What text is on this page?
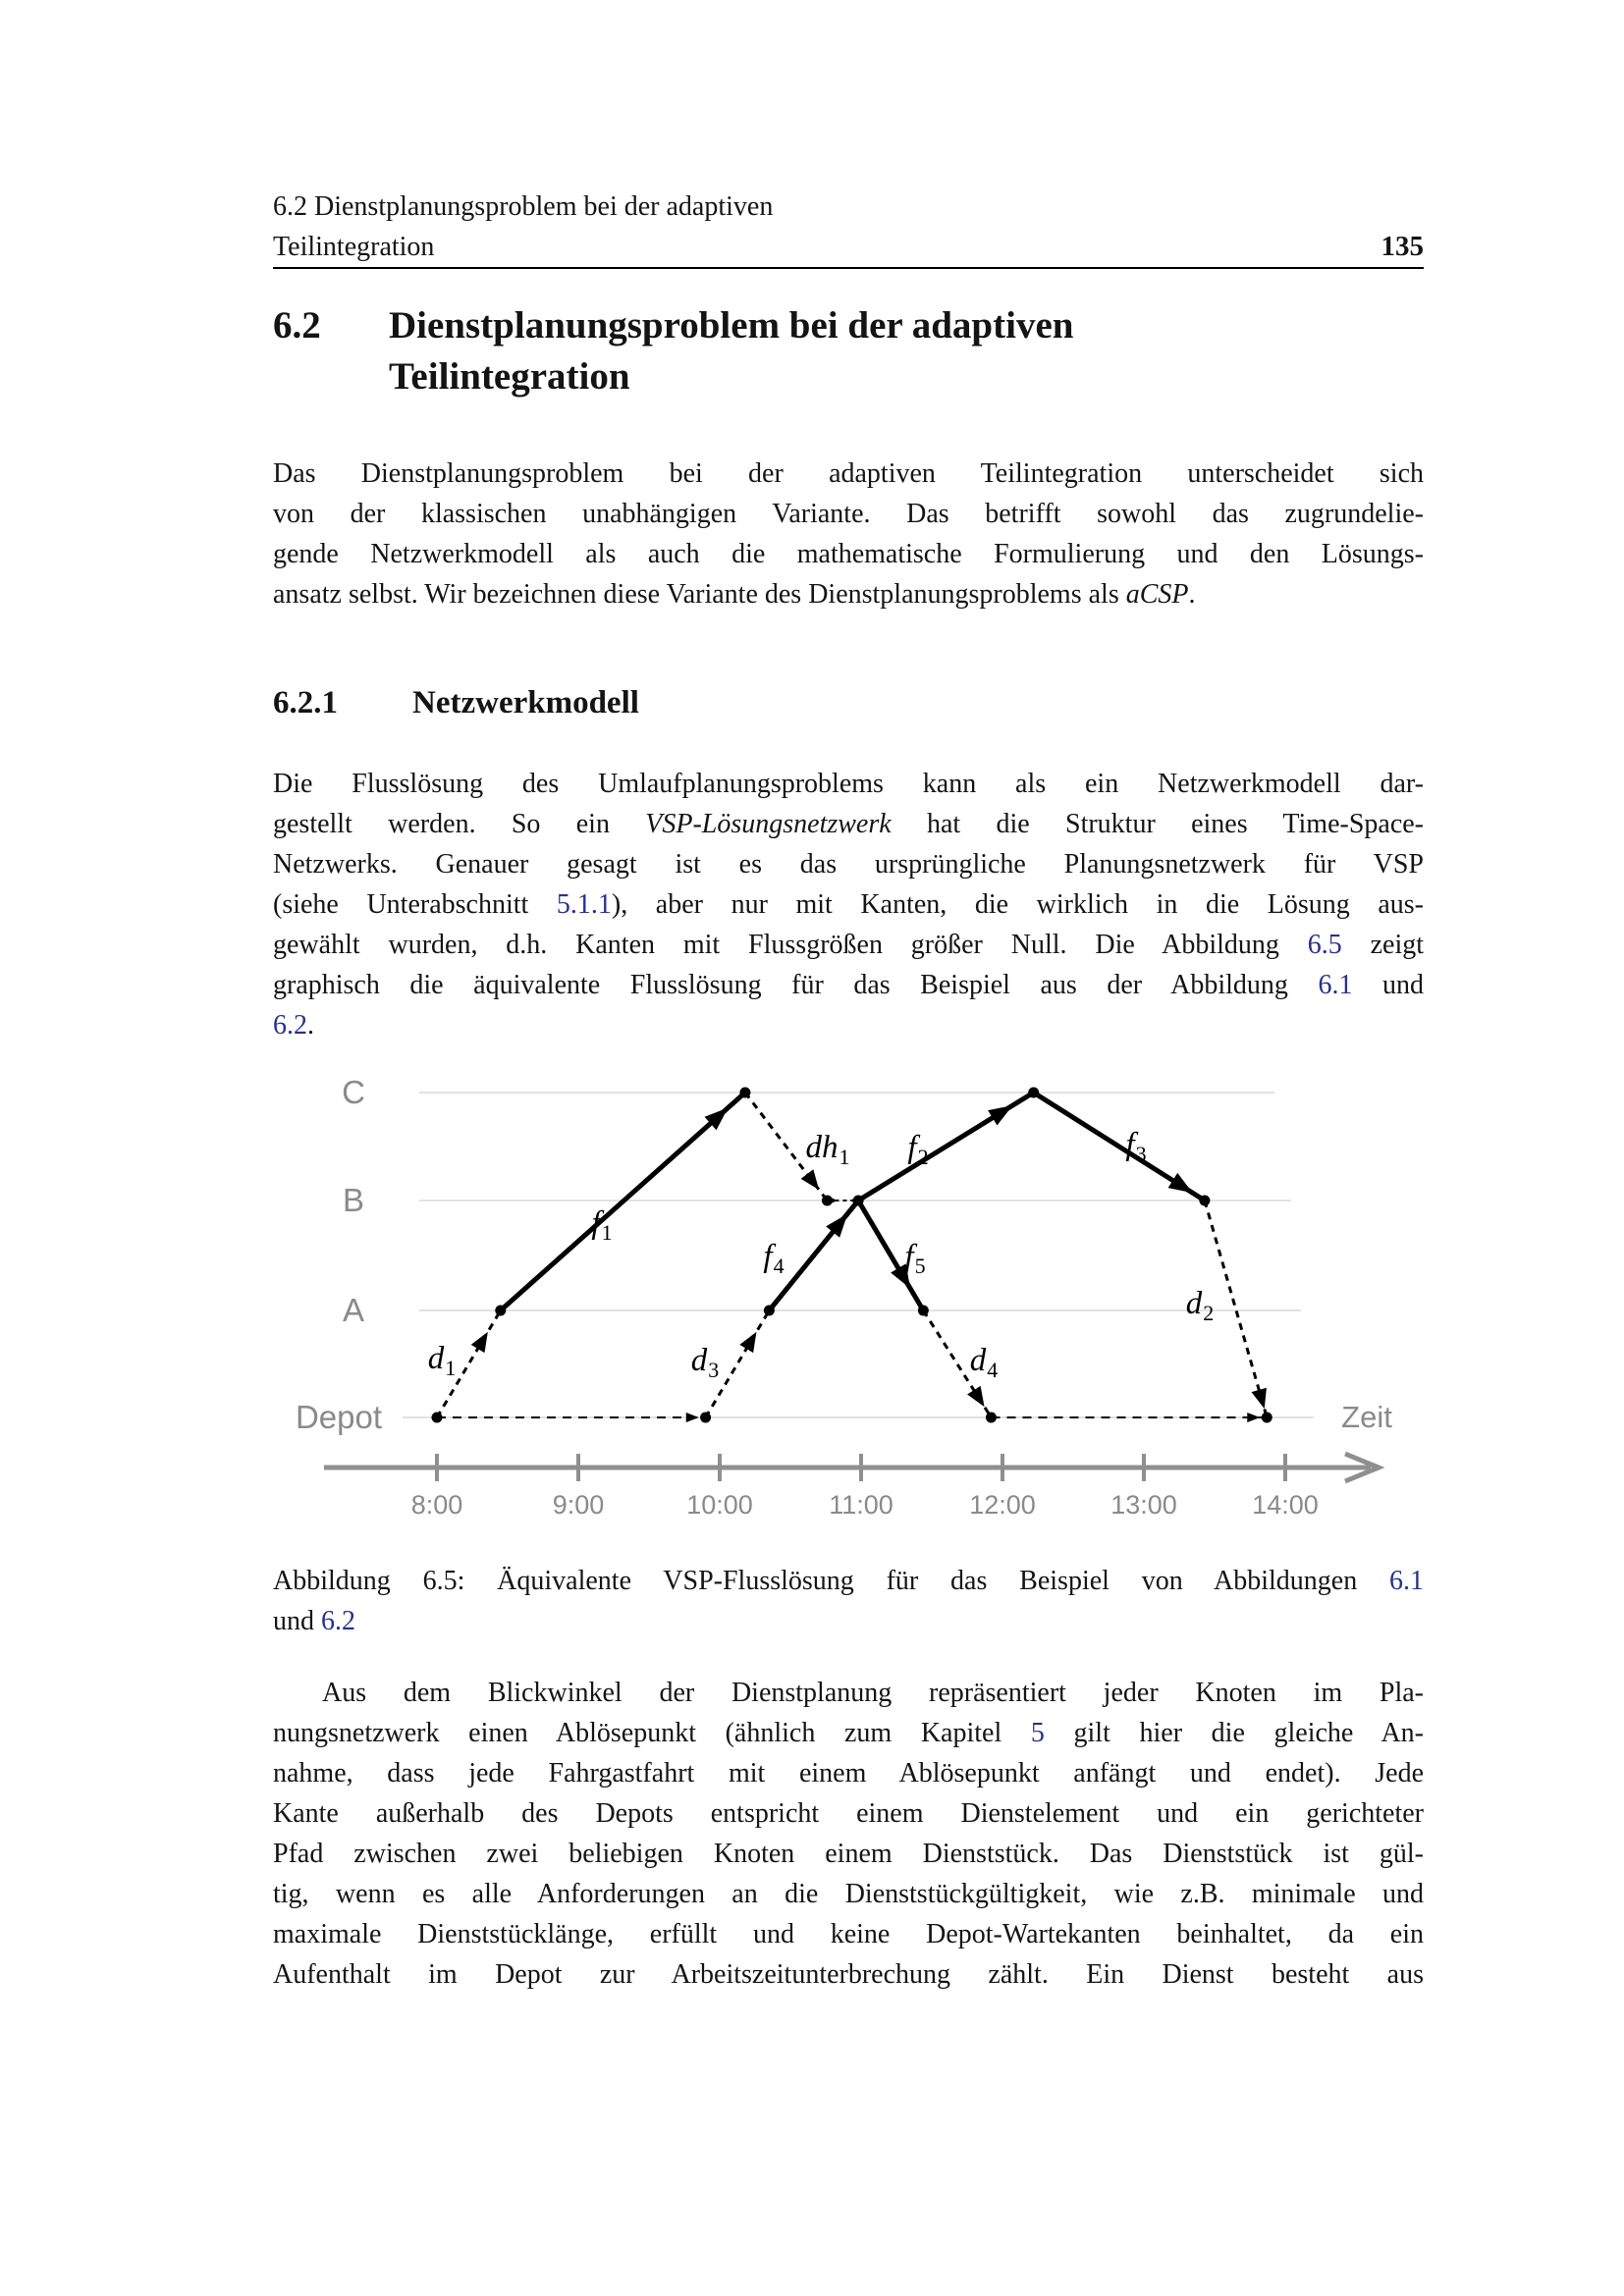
6.2 Dienstplanungsproblem bei der adaptiven
Teilintegration	135
6.2 Dienstplanungsproblem bei der adaptiven
Teilintegration
Das Dienstplanungsproblem bei der adaptiven Teilintegration unterscheidet sich
von der klassischen unabhängigen Variante. Das betrifft sowohl das zugrundelie-
gende Netzwerkmodell als auch die mathematische Formulierung und den Lösungs-
ansatz selbst. Wir bezeichnen diese Variante des Dienstplanungsproblems als aCSP.
6.2.1 Netzwerkmodell
Die Flusslösung des Umlaufplanungsproblems kann als ein Netzwerkmodell dar-
gestellt werden. So ein VSP-Lösungsnetzwerk hat die Struktur eines Time-Space-
Netzwerks. Genauer gesagt ist es das ursprüngliche Planungsnetzwerk für VSP
(siehe Unterabschnitt 5.1.1), aber nur mit Kanten, die wirklich in die Lösung aus-
gewählt wurden, d.h. Kanten mit Flussgrößen größer Null. Die Abbildung 6.5 zeigt
graphisch die äquivalente Flusslösung für das Beispiel aus der Abbildung 6.1 und
6.2.
C
B
A
Depot
8:00	9:00	10:00	11:00	12:00	13:00	14:00
Zeit
$d_1$
$f_1$
$dh_1$
$d_3$
$f_4$
$f_2$
$f_5$
$f_3$
$d_4$
$d_2$
Abbildung 6.5: Äquivalente VSP-Flusslösung für das Beispiel von Abbildungen 6.1
und 6.2
Aus dem Blickwinkel der Dienstplanung repräsentiert jeder Knoten im Pla-
nungsnetzwerk einen Ablösepunkt (ähnlich zum Kapitel 5 gilt hier die gleiche An-
nahme, dass jede Fahrgastfahrt mit einem Ablösepunkt anfängt und endet). Jede
Kante außerhalb des Depots entspricht einem Dienstelement und ein gerichteter
Pfad zwischen zwei beliebigen Knoten einem Dienststück. Das Dienststück ist gül-
tig, wenn es alle Anforderungen an die Dienststückgültigkeit, wie z.B. minimale und
maximale Dienststücklänge, erfüllt und keine Depot-Wartekanten beinhaltet, da ein
Aufenthalt im Depot zur Arbeitszeitunterbrechung zählt. Ein Dienst besteht aus
